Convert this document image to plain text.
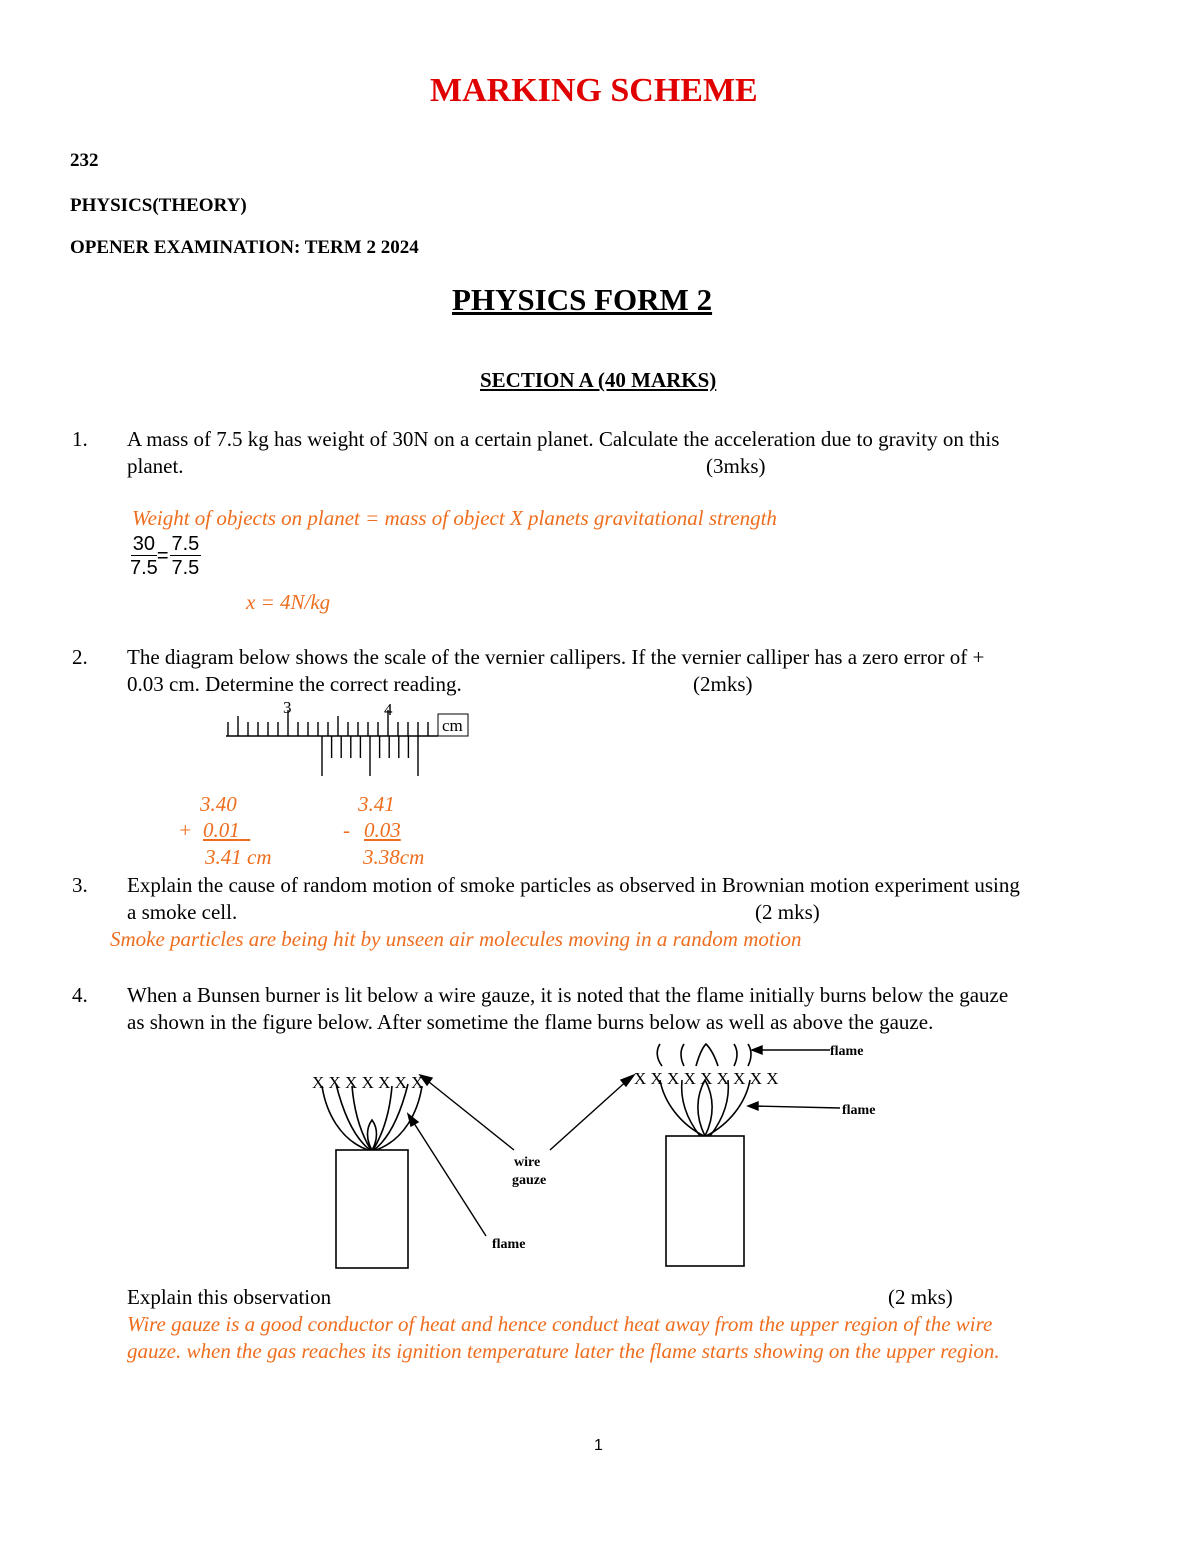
MARKING SCHEME
232
PHYSICS(THEORY)
OPENER EXAMINATION: TERM 2 2024
PHYSICS FORM 2
SECTION A (40 MARKS)
1. A mass of 7.5 kg has weight of 30N on a certain planet. Calculate the acceleration due to gravity on this
planet.	(3mks)
Weight of objects on planet = mass of object X planets gravitational strength
$\frac{30}{7.5}$
= $\frac{7.5}{7.5}$
x = 4N/kg
2. The diagram below shows the scale of the vernier callipers. If the vernier calliper has a zero error of +
0.03 cm. Determine the correct reading.	(2mks)
3	4
cm
3.40
+ 0.01
3.41 cm
3.41
- 0.03
3.38cm
3. Explain the cause of random motion of smoke particles as observed in Brownian motion experiment using
a smoke cell.	(2 mks)
Smoke particles are being hit by unseen air molecules moving in a random motion
4. When a Bunsen burner is lit below a wire gauze, it is noted that the flame initially burns below the gauze
as shown in the figure below. After sometime the flame burns below as well as above the gauze.
X X X X X X X	X X X X X X X X X
wire
gauze
flame
flame
flame
Explain this observation	(2 mks)
Wire gauze is a good conductor of heat and hence conduct heat away from the upper region of the wire
gauze. when the gas reaches its ignition temperature later the flame starts showing on the upper region.
1
